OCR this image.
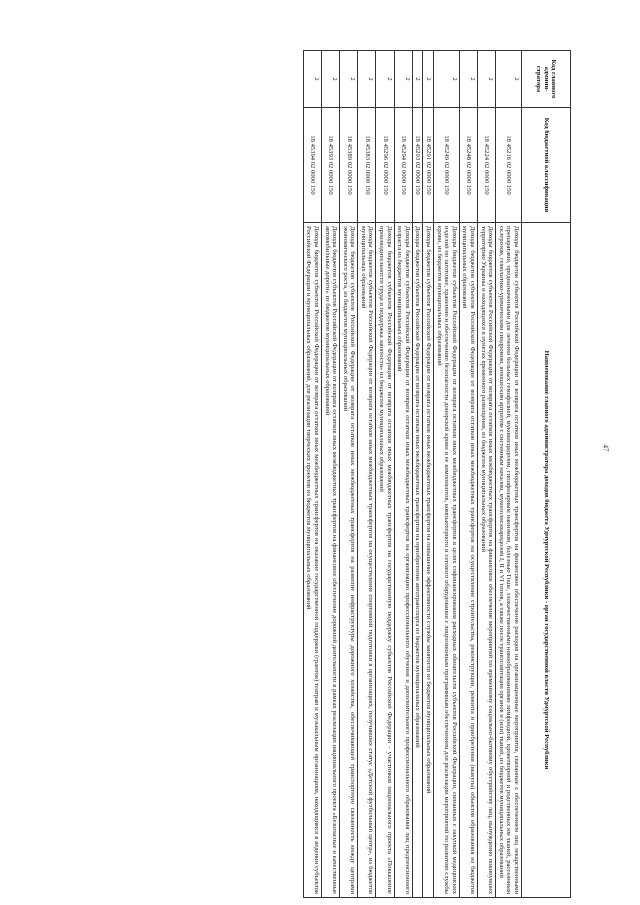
47
Код главного админи- стратора	Код бюджетной классификации	Наименование главного администратора доходов бюджета Удмуртской Республики - орган государственной власти Удмуртской Республики
2	18 45216 02 0000 150	Доходы бюджетов субъектов Российской Федерации от возврата остатков иных межбюджетных трансфертов на финансовое обеспечение расходов на организационные мероприятия, связанные с обеспечением лиц лекарственными препаратами, предназначенными для лечения больных гемофилией, муковисцидозом, гипофизарным нанизмом, болезнью Гоше, злокачественными новообразованиями лимфоидной, кроветворной и родственных им тканей, рассеянным склерозом, гемолитико-уремическим синдромом, юношеским артритом с системным началом, мукополисахаридозом I, II и VI типов, а также после трансплантации органов и (или) тканей, из бюджетов муниципальных образований
2	18 45224 02 0000 150	Доходы бюджетов субъектов Российской Федерации от возврата остатков иных межбюджетных трансфертов на финансовое обеспечение мероприятий по временному социально-бытовому обустройству лиц, вынужденно покинувших территорию Украины и находящихся в пунктах временного размещения, из бюджетов муниципальных образований
2	18 45248 02 0000 150	Доходы бюджетов субъектов Российской Федерации от возврата остатков иных межбюджетных трансфертов на осуществление строительства, реконструкции, ремонта и приобретения (выкупа) объектов образования из бюджетов муниципальных образований
2	18 45249 02 0000 150	Доходы бюджетов субъектов Российской Федерации от возврата остатков иных межбюджетных трансфертов в целях софинансирования расходных обязательств субъектов Российской Федерации, связанных с закупкой медицинских изделий по заготовке, хранению и обеспечению безопасности донорской крови и ее компонентов, компьютерного и сетевого оборудования с лицензионным программным обеспечением для реализации мероприятий по развитию службы крови, из бюджетов муниципальных образований
2	18 45291 02 0000 150	Доходы бюджетов субъектов Российской Федерации от возврата остатков иных межбюджетных трансфертов на повышение эффективности службы занятости из бюджетов муниципальных образований
2	18 45293 02 0000 150	Доходы бюджетов субъектов Российской Федерации от возврата остатков иных межбюджетных трансфертов на приобретение автотранспорта из бюджетов муниципальных образований
2	18 45294 02 0000 150	Доходы бюджетов субъектов Российской Федерации от возврата остатков иных межбюджетных трансфертов на организацию профессионального обучения и дополнительного профессионального образования лиц предпенсионного возраста из бюджетов муниципальных образований
2	18 45296 02 0000 150	Доходы бюджетов субъектов Российской Федерации от возврата остатков иных межбюджетных трансфертов на государственную поддержку субъектов Российской Федерации - участников национального проекта «Повышение производительности труда и поддержка занятости» из бюджетов муниципальных образований
2	18 45383 02 0000 150	Доходы бюджетов субъектов Российской Федерации от возврата остатков иных межбюджетных трансфертов на осуществление спортивной подготовки в организациях, получивших статус «Детский футбольный центр», из бюджетов муниципальных образований
2	18 45389 02 0000 150	Доходы бюджетов субъектов Российской Федерации от возврата остатков иных межбюджетных трансфертов на развитие инфраструктуры дорожного хозяйства, обеспечивающей транспортную связанность между центрами экономического роста, из бюджетов муниципальных образований
2	18 45393 02 0000 150	Доходы бюджетов субъектов Российской Федерации от возврата остатков иных межбюджетных трансфертов на финансовое обеспечение дорожной деятельности в рамках реализации национального проекта «Безопасные и качественные автомобильные дороги» из бюджетов муниципальных образований
2	18 45394 02 0000 150	Доходы бюджетов субъектов Российской Федерации от возврата остатков иных межбюджетных трансфертов на оказание государственной поддержки (грантов) театрам и музыкальным организациям, находящимся в ведении субъектов Российской Федерации и муниципальных образований, для реализации творческих проектов из бюджетов муниципальных образований
